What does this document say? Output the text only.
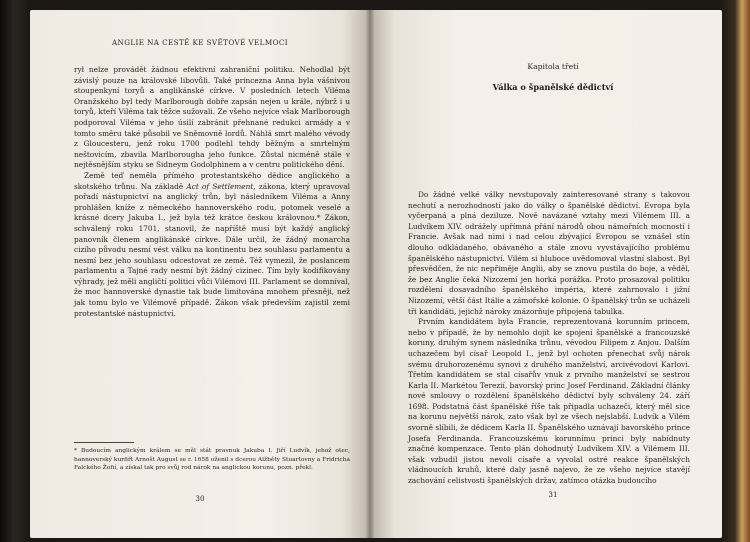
ANGLIE NA CESTĚ KE SVĚTOVÉ VELMOCI

rył nelze provádět žádnou efektivní zahraniční politiku. Nehodlal být závislý pouze na královské libovůli. Také princezna Anna byla vášnivou stoupenkyní toryů a anglikánské církve. V posledních letech Viléma Oranžského byl tedy Marlborough dobře zapsán nejen u krále, nýbrž i u toryů, kteří Viléma tak těžce sužovali. Ze všeho nejvíce však Marlborough podporoval Viléma v jeho úsilí zabránit přehnané redukci armády a v tomto směru také působil ve Sněmovně lordů. Náhlá smrt malého vévody z Gloucesteru, jenž roku 1700 podlehl tehdy běžným a smrtelným neštovicím, zbavila Marlborougha jeho funkce. Zůstal nicméně stále v nejtěsnějším styku se Sidneym Godolphinem a v centru politického dění.

Země teď neměla přímého protestantského dědice anglického a skotského trůnu. Na základě Act of Settlement, zákona, který upravoval pořadí nástupnictví na anglický trůn, byl následníkem Viléma a Anny prohlášen kníže z německého hannoverského rodu, potomek veselé a krásné dcery Jakuba I., jež byla též krátce českou královnou.* Zákon, schválený roku 1701, stanovil, že napříště musí být každý anglický panovník členem anglikánské církve. Dále určil, že žádný monarcha cizího původu nesmí vést válku na kontinentu bez souhlasu parlamentu a nesmí bez jeho souhlasu odcestovat ze země. Též vymezil, že poslancem parlamentu a Tajné rady nesmí být žádný cizinec. Tím byly kodifikovány výhrady, jež měli angličtí politici vůči Vilémovi III. Parlament se domníval, že moc hannoverské dynastie tak bude limitována mnohem přesněji, než jak tomu bylo ve Vilémově případě. Zákon však především zajistil zemi protestantské nástupnictví.

* Budoucím anglickým králem se měl stát pravnuk Jakuba I. Jiří Ludvík, jehož otec, hannoverský kurfiřt Arnošt August se r. 1658 oženil s dcerou Alžběty Stuartovny a Fridricha Falckého Žofií, a získal tak pro svůj rod nárok na anglickou korunu, pozn. překl.
30
Kapitola třetí
Válka o španělské dědictví

Do žádné velké války nevstupovaly zainteresované strany s takovou nechutí a nerozhodností jako do války o španělské dědictví. Evropa byla vyčerpaná a plná deziluze. Nově navázané vztahy mezi Vilémem III. a Ludvíkem XIV. odrážely upřímná přání národů obou námořních mocností i Francie. Avšak nad nimi i nad celou zbývající Evropou se vznášel stín dlouho odkládaného, obávaného a stále znovu vyvstávajícího problému španělského nástupnictví. Vilém si hluboce uvědomoval vlastní slabost. Byl přesvědčen, že nic nepřiměje Anglii, aby se znovu pustila do boje, a věděl, že bez Anglie čeká Nizozemí jen horká porážka. Proto prosazoval politiku rozdělení dosavadního španělského impéria, které zahrnovalo i jižní Nizozemí, větší část Itálie a zámořské kolonie. O španělský trůn se ucházeli tři kandidáti, jejichž nároky znázorňuje připojená tabulka.

Prvním kandidátem byla Francie, reprezentovaná korunním princem, nebo v případě, že by nemohlo dojít ke spojení španělské a francouzské koruny, druhým synem následníka trůnu, vévodou Filipem z Anjou. Dalším uchazečem byl císař Leopold I., jenž byl ochoten přenechat svůj nárok svému druhorozenému synovi z druhého manželství, arcivévodovi Karlovi. Třetím kandidátem se stal císařův vnuk z prvního manželství se sestrou Karla II. Markétou Terezií, bavorský princ Josef Ferdinand. Základní články nové smlouvy o rozdělení španělského dědictví byly schváleny 24. září 1698. Podstatná část španělské říše tak připadla uchazeči, který měl sice na korunu největší nárok, zato však byl ze všech nejslabší. Ludvík a Vilém svorně slíbili, že dědicem Karla II. Španělského uznávají bavorského prince Josefa Ferdinanda. Francouzskému korunnímu princi byly nabídnuty značné kompenzace. Tento plán dohodnutý Ludvíkem XIV. a Vilémem III. však vzbudil jistou nevoli císaře a vyvolal ostré reakce španělských vládnoucích kruhů, které daly jasně najevo, že ze všeho nejvíce stavějí zachování celistvosti španělských držav, zatímco otázka budoucího

31
